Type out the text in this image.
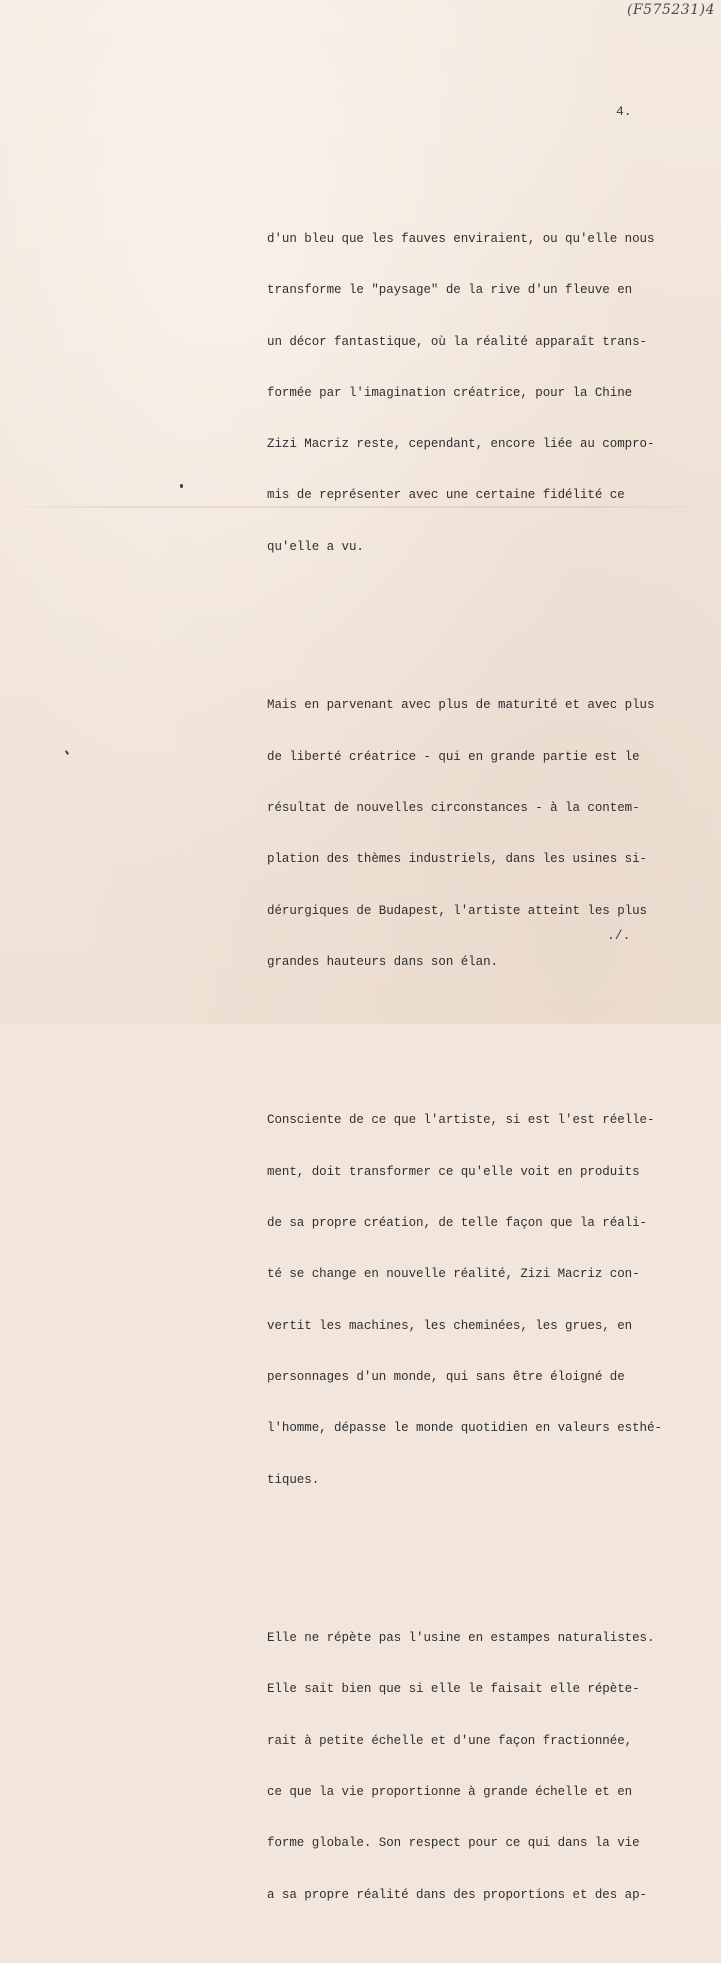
(F575231)4
4.

d'un bleu que les fauves enviraient, ou qu'elle nous

transforme le "paysage" de la rive d'un fleuve en

un décor fantastique, où la réalité apparaît trans-

formée par l'imagination créatrice, pour la Chine

Zizi Macriz reste, cependant, encore liée au compro-

mis de représenter avec une certaine fidélité ce

qu'elle a vu.

Mais en parvenant avec plus de maturité et avec plus

de liberté créatrice - qui en grande partie est le

résultat de nouvelles circonstances - à la contem-

plation des thèmes industriels, dans les usines si-

dérurgiques de Budapest, l'artiste atteint les plus

grandes hauteurs dans son élan.

Consciente de ce que l'artiste, si est l'est réelle-

ment, doit transformer ce qu'elle voit en produits

de sa propre création, de telle façon que la réali-

té se change en nouvelle réalité, Zizi Macriz con-

vertit les machines, les cheminées, les grues, en

personnages d'un monde, qui sans être éloigné de

l'homme, dépasse le monde quotidien en valeurs esthé-

tiques.

Elle ne répète pas l'usine en estampes naturalistes.

Elle sait bien que si elle le faisait elle répète-

rait à petite échelle et d'une façon fractionnée,

ce que la vie proportionne à grande échelle et en

forme globale. Son respect pour ce qui dans la vie

a sa propre réalité dans des proportions et des ap-

./.
